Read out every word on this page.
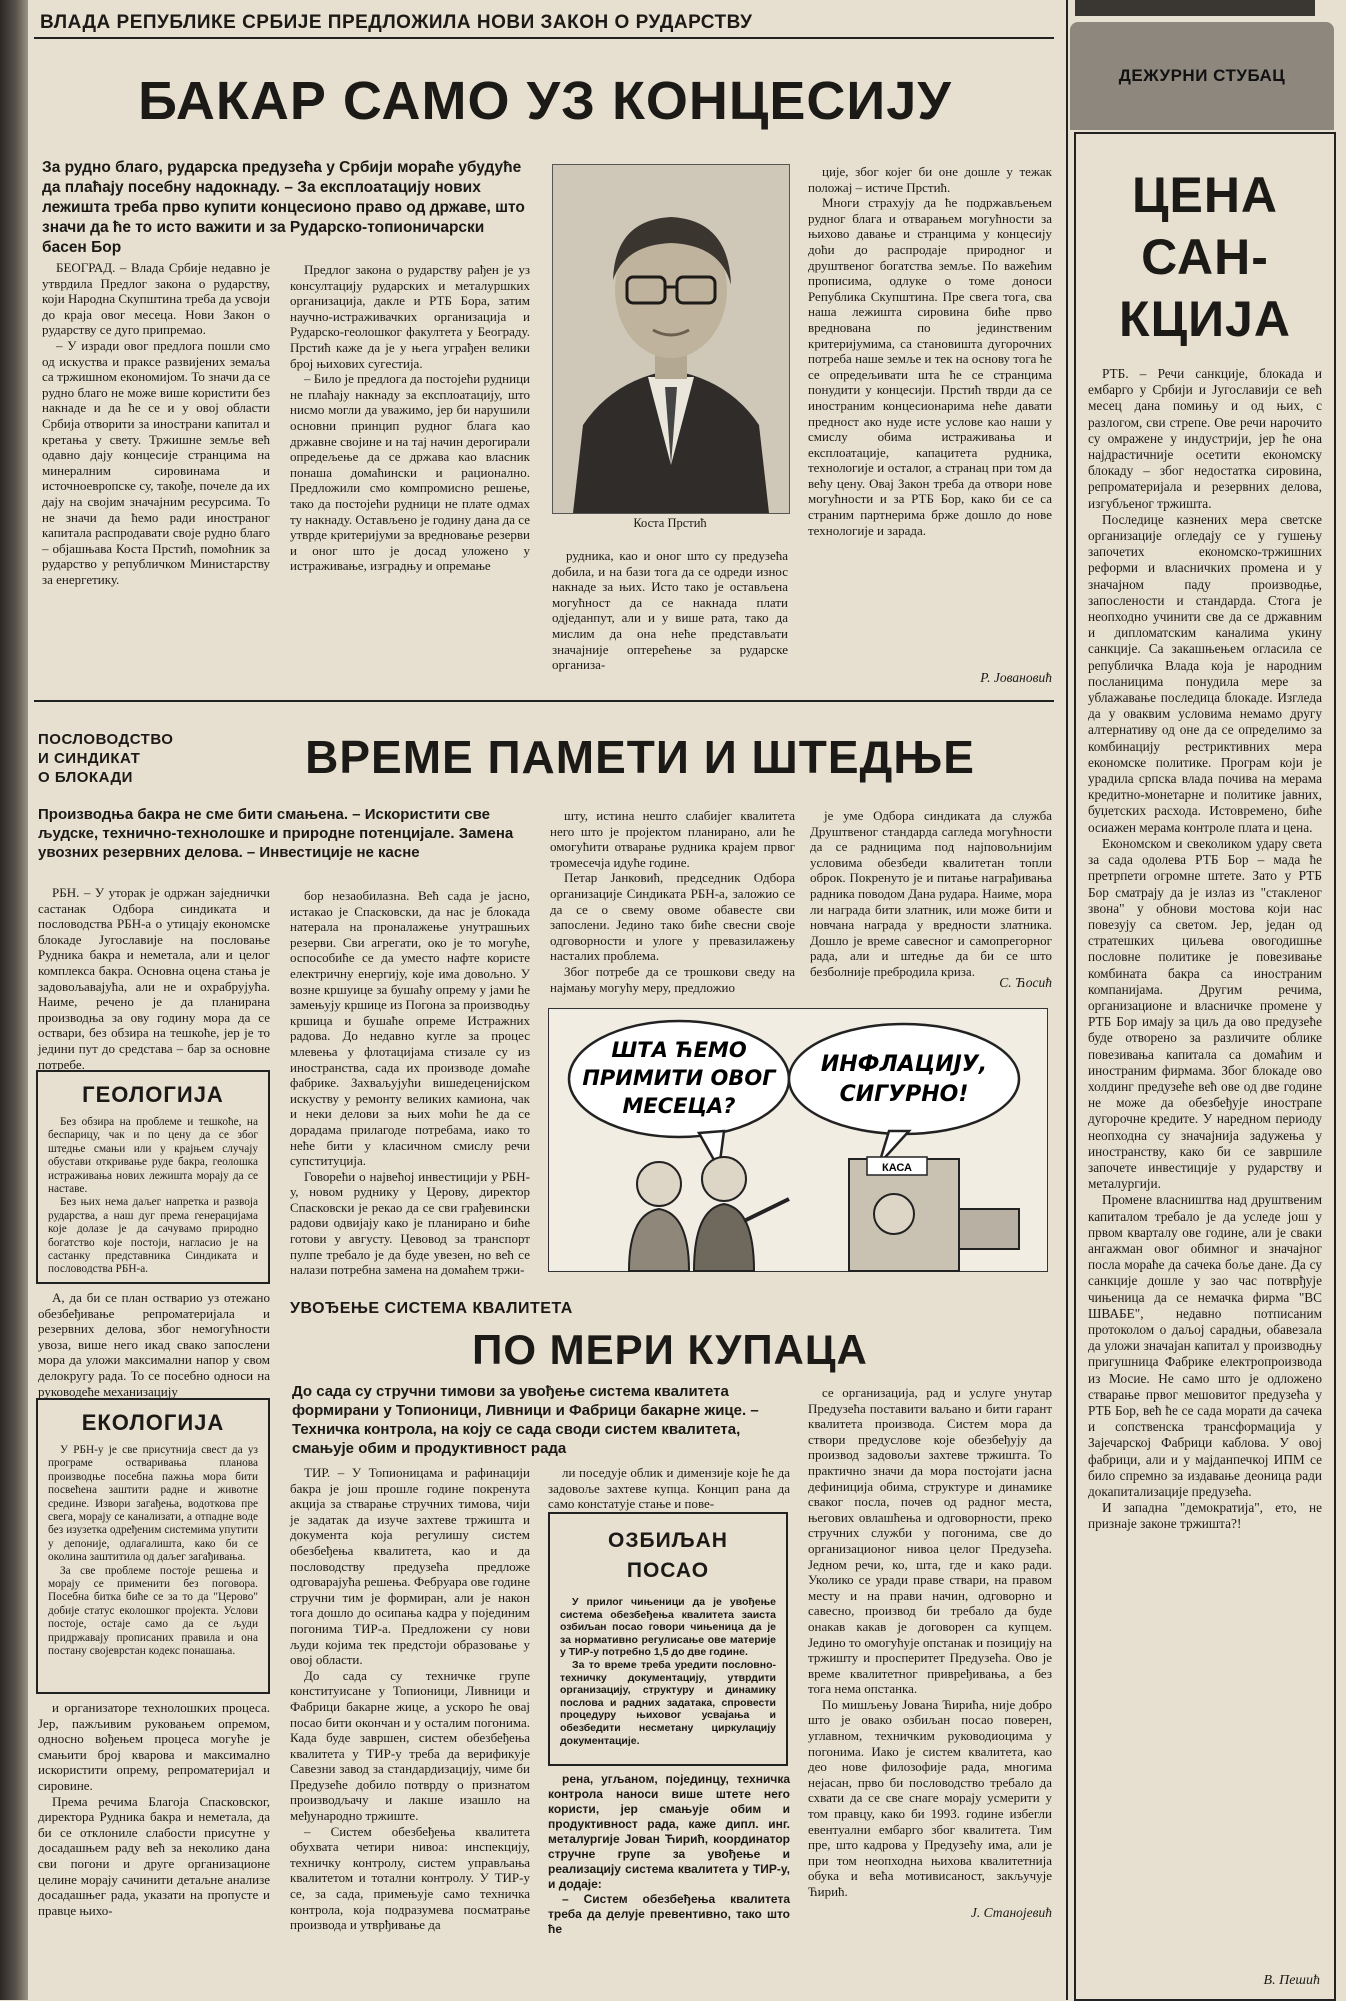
ВЛАДА РЕПУБЛИКЕ СРБИЈЕ ПРЕДЛОЖИЛА НОВИ ЗАКОН О РУДАРСТВУ
БАКАР САМО УЗ КОНЦЕСИЈУ
За рудно благо, рударска предузећа у Србији мораће убудуће да плаћају посебну надокнаду. – За експлоатацију нових лежишта треба прво купити концесионо право од државе, што значи да ће то исто важити и за Рударско-топионичарски басен Бор

БЕОГРАД. – Влада Србије недавно је утврдила Предлог закона о рударству, који Народна Скупштина треба да усвоји до краја овог месеца. Нови Закон о рударству се дуго припремао.

– У изради овог предлога пошли смо од искуства и праксе развијених земаља са тржишном економијом. То значи да се рудно благо не може више користити без накнаде и да ће се и у овој области Србија отворити за инострани капитал и кретања у свету. Тржишне земље већ одавно дају концесије странцима на минералним сировинама и источноевропске су, такође, почеле да их дају на својим значајним ресурсима. То не значи да ћемо ради иностраног капитала распродавати своје рудно благо – објашњава Коста Прстић, помоћник за рударство у републичком Министарству за енергетику.

Предлог закона о рударству рађен је уз консултацију рударских и металуршких организација, дакле и РТБ Бора, затим научно-истраживачких организација и Рударско-геолошког факултета у Београду. Прстић каже да је у њега уграђен велики број њихових сугестија.

– Било је предлога да постојећи рудници не плаћају накнаду за експлоатацију, што нисмо могли да уважимо, јер би нарушили основни принцип рудног блага као државне својине и на тај начин дерогирали опредељење да се држава као власник понаша домаћински и рационално. Предложили смо компромисно решење, тако да постојећи рудници не плате одмах ту накнаду. Остављено је годину дана да се утврде критеријуми за вредновање резерви и оног што је досад уложено у истраживање, изградњу и опремање

Коста Прстић

рудника, као и оног што су предузећа добила, и на бази тога да се одреди износ накнаде за њих. Исто тако је остављена могућност да се накнада плати одједанпут, али и у више рата, тако да мислим да она неће представљати значајније оптерећење за рударске организа-

ције, због којег би оне дошле у тежак положај – истиче Прстић.

Многи страхују да ће подржављењем рудног блага и отварањем могућности за њихово давање и странцима у концесију доћи до распродаје природног и друштвеног богатства земље. По важећим прописима, одлуке о томе доноси Република Скупштина. Пре свега тога, сва наша лежишта сировина биће прво вреднована по јединственим критеријумима, са становишта дугорочних потреба наше земље и тек на основу тога ће се опредељивати шта ће се странцима понудити у концесији. Прстић тврди да се иностраним концесионарима неће давати предност ако нуде исте услове као наши у смислу обима истраживања и експлоатације, капацитета рудника, технологије и осталог, а странац при том да већу цену. Овај Закон треба да отвори нове могућности и за РТБ Бор, како би се са страним партнерима брже дошло до нове технологије и зарада.

Р. Јовановић
ПОСЛОВОДСТВО
И СИНДИКАТ
О БЛОКАДИ	ВРЕМЕ ПАМЕТИ И ШТЕДЊЕ
Производња бакра не сме бити смањена. – Искористити све људске, технично-технолошке и природне потенцијале. Замена увозних резервних делова. – Инвестиције не касне

РБН. – У уторак је одржан заједнички састанак Одбора синдиката и пословодства РБН-а о утицају економске блокаде Југославије на пословање Рудника бакра и неметала, али и целог комплекса бакра. Основна оцена стања је задовољавајућа, али не и охрабрујућа. Наиме, речено је да планирана производња за ову годину мора да се оствари, без обзира на тешкоће, јер је то једини пут до средстава – бар за основне потребе.

ГЕОЛОГИЈА

Без обзира на проблеме и тешкоће, на беспарицу, чак и по цену да се због штедње смањи или у крајњем случају обустави откривање руде бакра, геолошка истраживања нових лежишта морају да се наставе.

Без њих нема даљег напретка и развоја рударства, а наш дуг према генерацијама које долазе је да сачувамо природно богатство које постоји, нагласио је на састанку представника Синдиката и пословодства РБН-а.

А, да би се план остварио уз отежано обезбеђивање репроматеријала и резервних делова, због немогућности увоза, више него икад свако запослени мора да уложи максимални напор у свом делокругу рада. То се посебно односи на руководеће механизацију

ЕКОЛОГИЈА

У РБН-у је све присутнија свест да уз програме остваривања планова производње посебна пажња мора бити посвећена заштити радне и животне средине. Извори загађења, водоткова пре свега, морају се канализати, а отпадне воде без изузетка одређеним системима упутити у депоније, одлагалишта, како би се околина заштитила од даљег загађивања.

За све проблеме постоје решења и морају се применити без поговора. Посебна битка биће се за то да "Церово" добије статус еколошког пројекта. Услови постоје, остаје само да се људи придржавају прописаних правила и она постану својеврстан кодекс понашања.

и организаторе технолошких процеса. Јер, пажљивим руковањем опремом, односно вођењем процеса могуће је смањити број кварова и максимално искористити опрему, репроматеријал и сировине.

Према речима Благоја Спасковског, директора Рудника бакра и неметала, да би се отклониле слабости присутне у досадашњем раду већ за неколико дана сви погони и друге организационе целине морају сачинити детаљне анализе досадашњег рада, указати на пропусте и правце њихо-

бор незаобилазна. Већ сада је јасно, истакао је Спасковски, да нас је блокада натерала на проналажење унутрашњих резерви. Сви агрегати, око је то могуће, оспособиће се да уместо нафте користе електричну енергију, које има довољно. У возне кршуице за бушаћу опрему у јами ће замењују кршице из Погона за производњу кршица и бушаће опреме Истражних радова. До недавно кугле за процес млевења у флотацијама стизале су из иностранства, сада их производе домаће фабрике. Захваљујући вишедеценијском искуству у ремонту великих камиона, чак и неки делови за њих моћи ће да се дорадама прилагоде потребама, иако то неће бити у класичном смислу речи супституција.

Говорећи о највећој инвестицији у РБН-у, новом руднику у Церову, директор Спасковски је рекао да се сви грађевински радови одвијају како је планирано и биће готови у августу. Цевовод за транспорт пулпе требало је да буде увезен, но већ се налази потребна замена на домаћем тржи-

шту, истина нешто слабијег квалитета него што је пројектом планирано, али ће омогућити отварање рудника крајем првог тромесечја идуће године.

Петар Јанковић, председник Одбора организације Синдиката РБН-а, заложио се да се о свему овоме обавесте сви запослени. Једино тако биће свесни своје одговорности и улоге у превазилажењу насталих проблема.

Због потребе да се трошкови сведу на најмању могућу меру, предложио

је уме Одбора синдиката да служба Друштвеног стандарда сагледа могућности да се радницима под најповољнијим условима обезбеди квалитетан топли оброк. Покренуто је и питање награђивања радника поводом Дана рудара. Наиме, мора ли награда бити златник, или може бити и новчана награда у вредности златника. Дошло је време савесног и самопрегорног рада, али и штедње да би се што безболније пребродила криза.

С. Ћосић
ШТА ЋЕМО
ПРИМИТИ ОВОГ
МЕСЕЦА?
ИНФЛАЦИЈУ,
СИГУРНО!
КАСА
УВОЂЕЊЕ СИСТЕМА КВАЛИТЕТА
ПО МЕРИ КУПАЦА
До сада су стручни тимови за увођење система квалитета формирани у Топионици, Ливници и Фабрици бакарне жице. – Техничка контрола, на коју се сада своди систем квалитета, смањује обим и продуктивност рада

ТИР. – У Топионицама и рафинацији бакра је још прошле године покренута акција за стварање стручних тимова, чији је задатак да изуче захтеве тржишта и документа која регулишу систем обезбеђења квалитета, као и да пословодству предузећа предложе одговарајућа решења. Фебруара ове године стручни тим је формиран, али је након тога дошло до осипања кадра у појединим погонима ТИР-а. Предложени су нови људи којима тек предстоји образовање у овој области.

До сада су техничке групе конституисане у Топионици, Ливници и Фабрици бакарне жице, а ускоро ће овај посао бити окончан и у осталим погонима. Када буде завршен, систем обезбеђења квалитета у ТИР-у треба да верификује Савезни завод за стандардизацију, чиме би Предузеће добило потврду о признатом производљачу и лакше изашло на међународно тржиште.

– Систем обезбеђења квалитета обухвата четири нивоа: инспекцију, техничку контролу, систем управљања квалитетом и тотални контролу. У ТИР-у се, за сада, примењује само техничка контрола, која подразумева посматрање производа и утврђивање да

ли поседује облик и димензије које ће да задовоље захтеве купца. Концип рана да само констатује стање и пове-

ОЗБИЉАН
ПОСАО

У прилог чињеници да је увођење система обезбеђења квалитета заиста озбиљан посао говори чињеница да је за нормативно регулисање ове материје у ТИР-у потребно 1,5 до две године.

За то време треба уредити пословно-техничку документацију, утврдити организацију, структуру и динамику послова и радних задатака, спровести процедуру њиховог усвајања и обезбедити несметану циркулацију документације.

рена, угљаном, појединцу, техничка контрола наноси више штете него користи, јер смањује обим и продуктивност рада, каже дипл. инг. металургије Јован Ћирић, координатор стручне групе за увођење и реализацију система квалитета у ТИР-у, и додаје:

– Систем обезбеђења квалитета треба да делује превентивно, тако што ће

се организација, рад и услуге унутар Предузећа поставити ваљано и бити гарант квалитета производа. Систем мора да створи предуслове које обезбеђују да производ задовољи захтеве тржишта. То практично значи да мора постојати јасна дефиниција обима, структуре и динамике сваког посла, почев од радног места, његових овлашћења и одговорности, преко стручних служби у погонима, све до организационог нивоа целог Предузећа. Једном речи, ко, шта, где и како ради. Уколико се уради праве ствари, на правом месту и на прави начин, одговорно и савесно, производ би требало да буде онакав какав је договорен са купцем. Једино то омогућује опстанак и позицију на тржишту и просперитет Предузећа. Ово је време квалитетног привређивања, а без тога нема опстанка.

По мишљењу Јована Ћирића, није добро што је овако озбиљан посао поверен, углавном, техничким руководиоцима у погонима. Иако је систем квалитета, као део нове филозофије рада, многима нејасан, прво би пословодство требало да схвати да се све снаге морају усмерити у том правцу, како би 1993. године избегли евентуални ембарго због квалитета. Тим пре, што кадрова у Предузећу има, али је при том неопходна њихова квалитетнија обука и већа мотивисаност, закључује Ћирић.

Ј. Станојевић
ДЕЖУРНИ СТУБАЦ
ЦЕНА
САН-
КЦИЈА

РТБ. – Речи санкције, блокада и ембарго у Србији и Југославији се већ месец дана помињу и од њих, с разлогом, сви стрепе. Ове речи нарочито су омражене у индустрији, јер ће она најдрастичније осетити економску блокаду – због недостатка сировина, репроматеријала и резервних делова, изгубљеног тржишта.

Последице казнених мера светске организације огледају се у гушењу започетих економско-тржишних реформи и власничких промена и у значајном паду производње, запослености и стандарда. Стога је неопходно учинити све да се државним и дипломатским каналима укину санкције. Са закашњењем огласила се републичка Влада која је народним посланицима понудила мере за ублажавање последица блокаде. Изгледа да у оваквим условима немамо другу алтернативу од оне да се определимо за комбинацију рестриктивних мера економске политике. Програм који је урадила српска влада почива на мерама кредитно-монетарне и политике јавних, буџетских расхода. Истовремено, биће осиажен мерама контроле плата и цена.

Економском и свеколиком удару света за сада одолева РТБ Бор – мада ће претрпети огромне штете. Зато у РТБ Бор сматрају да је излаз из "стакленог звона" у обнови мостова који нас повезују са светом. Јер, један од стратешких циљева овогодишње пословне политике је повезивање комбината бакра са иностраним компанијама. Другим речима, организационе и власничке промене у РТБ Бор имају за циљ да ово предузеће буде отворено за различите облике повезивања капитала са домаћим и иностраним фирмама. Због блокаде ово холдинг предузеће већ ове од две године не може да обезбеђује инострапе дугорочне кредите. У наредном периоду неопходна су значајнија задужења у иностранству, како би се завршиле започете инвестиције у рударству и металургији.

Промене власништва над друштвеним капиталом требало је да уследе још у првом кварталу ове године, али је сваки ангажман овог обимног и значајног посла мораће да сачека боље дане. Да су санкције дошле у зао час потврђује чињеница да се немачка фирма "ВС ШВАБЕ", недавно потписаним протоколом о даљој сарадњи, обавезала да уложи значајан капитал у производњу пригушница Фабрике електропроизвода из Мосие. Не само што је одложено стварање првог мешовитог предузећа у РТБ Бор, већ ће се сада морати да сачека и сопственска трансформација у Зајечарској Фабрици каблова. У овој фабрици, али и у мајданпечкој ИПМ се било спремно за издавање деоница ради докапитализације предузећа.

И западна "демократија", ето, не признаје законе тржишта?!

В. Пешић
